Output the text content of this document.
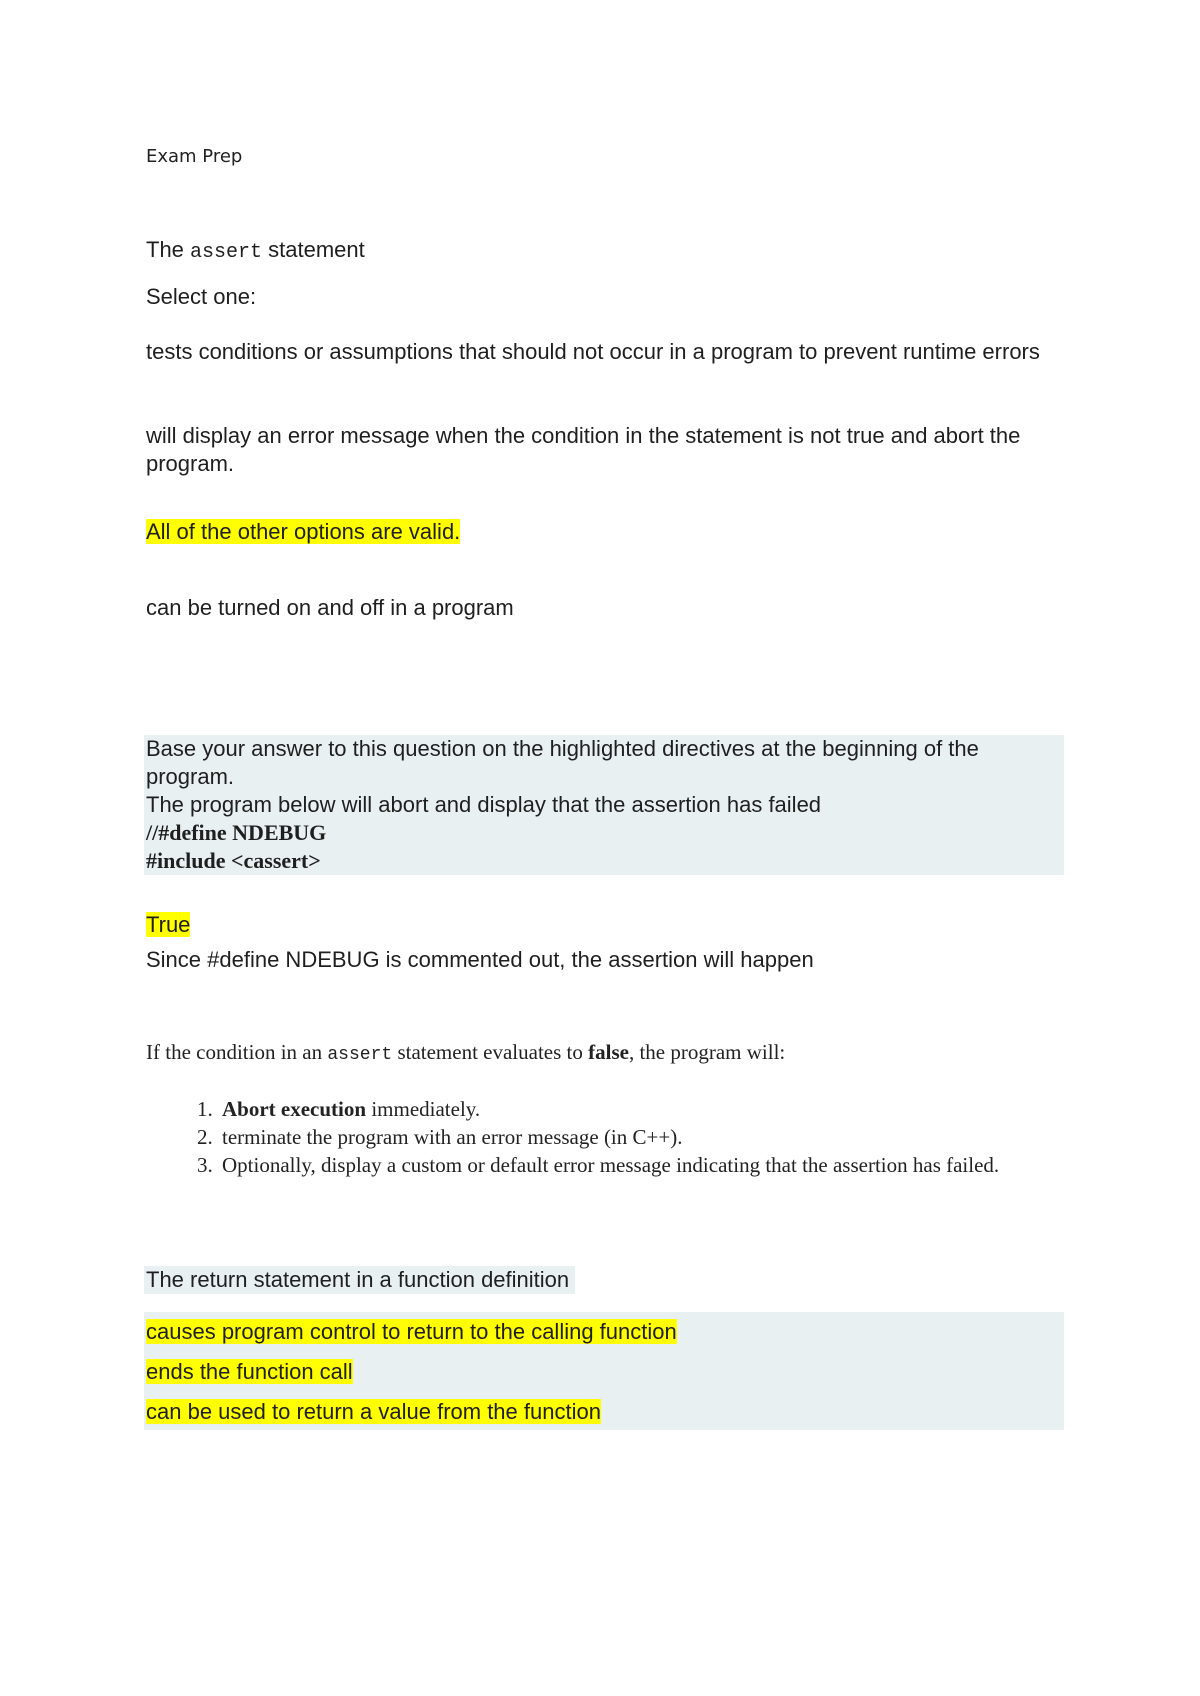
Exam Prep
The assert statement
Select one:
tests conditions or assumptions that should not occur in a program to prevent runtime errors
will display an error message when the condition in the statement is not true and abort the program.
All of the other options are valid.
can be turned on and off in a program
Base your answer to this question on the highlighted directives at the beginning of the program.
The program below will abort and display that the assertion has failed
//#define NDEBUG
#include <cassert>
True
Since #define NDEBUG is commented out, the assertion will happen
If the condition in an assert statement evaluates to false, the program will:
1. Abort execution immediately.
2. terminate the program with an error message (in C++).
3. Optionally, display a custom or default error message indicating that the assertion has failed.
The return statement in a function definition
causes program control to return to the calling function
ends the function call
can be used to return a value from the function
